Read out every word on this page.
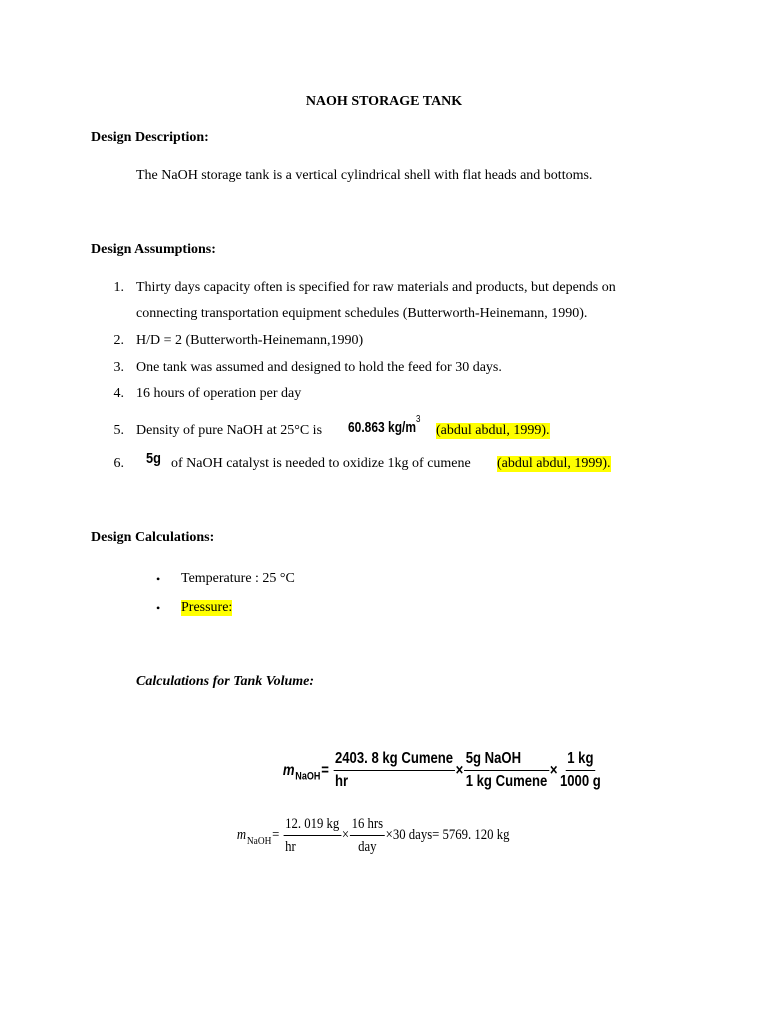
NAOH STORAGE TANK
Design Description:
The NaOH storage tank is a vertical cylindrical shell with flat heads and bottoms.
Design Assumptions:
1. Thirty days capacity often is specified for raw materials and products, but depends on
connecting transportation equipment schedules (Butterworth-Heinemann, 1990).
2. H/D = 2 (Butterworth-Heinemann,1990)
3. One tank was assumed and designed to hold the feed for 30 days.
4. 16 hours of operation per day
5. Density of pure NaOH at 25°C is 60.863 $kg/m^3$
(abdul abdul, 1999).
6. 5g of NaOH catalyst is needed to oxidize 1kg of cumene (abdul abdul, 1999).
Design Calculations:
• Temperature : 25 °C
• Pressure:
Calculations for Tank Volume:
$m_{NaOH}= \frac{\text{2403. 8 kg Cumene}}{hr} \times \frac{\text{5g NaOH}}{\text{1 kg Cumene}} \times \frac{1 kg}{1000 g}$
$m_{NaOH}= \frac{12. 019 kg}{hr} \times \frac{\text{16 hrs}}{\text{day}} \times 30$ days= 5769. 120 kg
